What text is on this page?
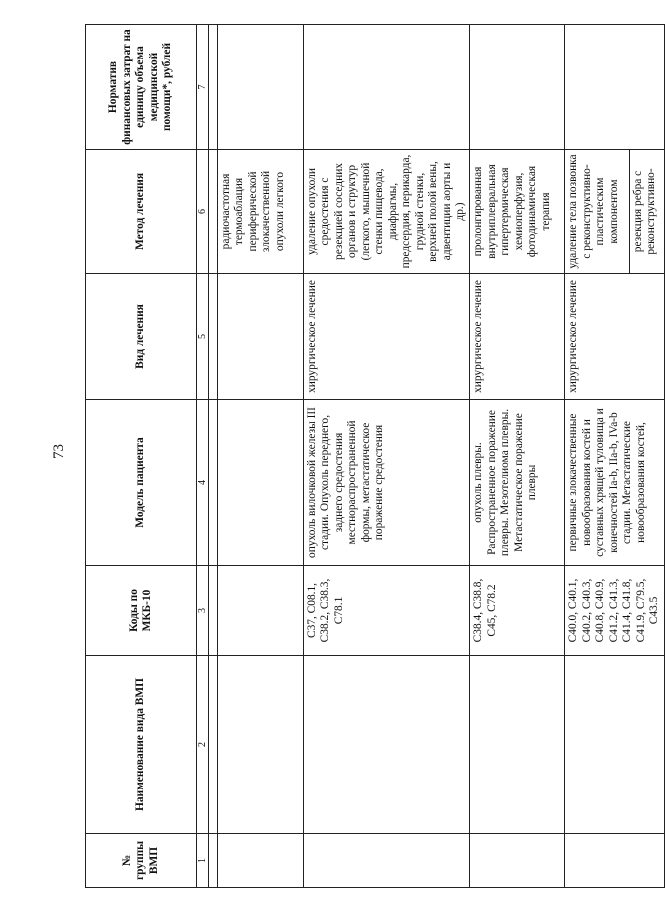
73
№ группы ВМП	Наименование вида ВМП	Коды по МКБ-10	Модель пациента	Вид лечения	Метод лечения	Норматив финансовых затрат на единицу объема медицинской помощи*, рублей
1	2	3	4	5	6	7

					радиочастотная термоаблация периферической злокачественной опухоли легкого	
		C37, C08.1, C38.2, C38.3, C78.1	опухоль вилочковой железы III стадии. Опухоль переднего, заднего средостения местнораспространенной формы, метастатическое поражение средостения	хирургическое лечение	удаление опухоли средостения с резекцией соседних органов и структур (легкого, мышечной стенки пищевода, диафрагмы, предсердия, перикарда, грудной стенки, верхней полой вены, адвентиции аорты и др.)	
		C38.4, C38.8, C45, C78.2	опухоль плевры. Распространенное поражение плевры. Мезотелиома плевры. Метастатическое поражение плевры	хирургическое лечение	пролонгированная внутриплевральная гипертермическая хемиоперфузия, фотодинамическая терапия	
		C40.0, C40.1, C40.2, C40.3, C40.8, C40.9, C41.2, C41.3, C41.4, C41.8, C41.9, C79.5, C43.5	первичные злокачественные новообразования костей и суставных хрящей туловища и конечностей Ia-b, IIa-b, IVa-b стадии. Метастатические новообразования костей,	хирургическое лечение	удаление тела позвонка с реконструктивно-пластическим компонентом	
					резекция ребра с реконструктивно-	
